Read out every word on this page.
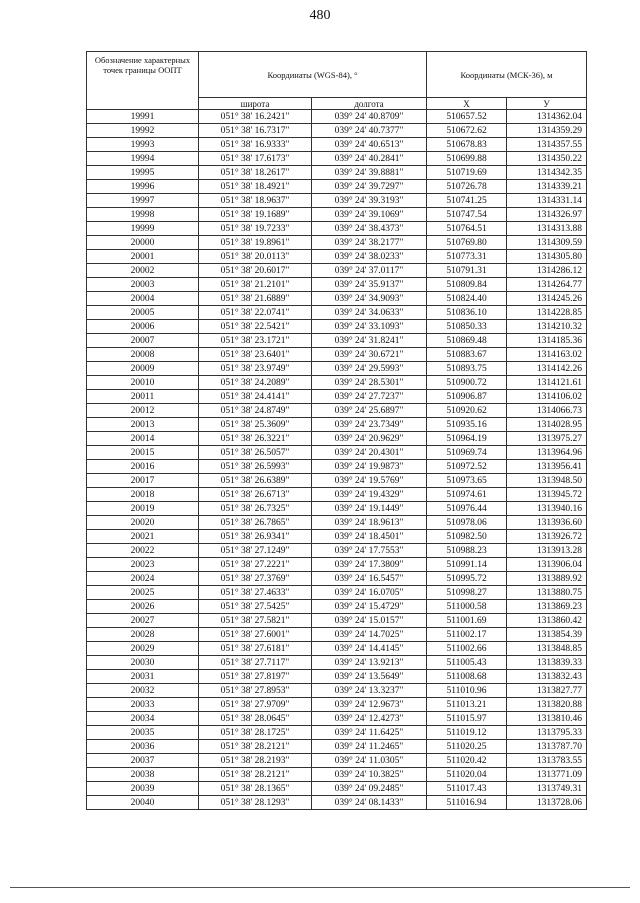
480
Обозначение характерных точек границы ООПТ	Координаты (WGS-84), °		Координаты (МСК-36), м	
	широта	долгота	X	У
19991	051° 38' 16.2421"	039° 24' 40.8709"	510657.52	1314362.04
19992	051° 38' 16.7317"	039° 24' 40.7377"	510672.62	1314359.29
19993	051° 38' 16.9333"	039° 24' 40.6513"	510678.83	1314357.55
19994	051° 38' 17.6173"	039° 24' 40.2841"	510699.88	1314350.22
19995	051° 38' 18.2617"	039° 24' 39.8881"	510719.69	1314342.35
19996	051° 38' 18.4921"	039° 24' 39.7297"	510726.78	1314339.21
19997	051° 38' 18.9637"	039° 24' 39.3193"	510741.25	1314331.14
19998	051° 38' 19.1689"	039° 24' 39.1069"	510747.54	1314326.97
19999	051° 38' 19.7233"	039° 24' 38.4373"	510764.51	1314313.88
20000	051° 38' 19.8961"	039° 24' 38.2177"	510769.80	1314309.59
20001	051° 38' 20.0113"	039° 24' 38.0233"	510773.31	1314305.80
20002	051° 38' 20.6017"	039° 24' 37.0117"	510791.31	1314286.12
20003	051° 38' 21.2101"	039° 24' 35.9137"	510809.84	1314264.77
20004	051° 38' 21.6889"	039° 24' 34.9093"	510824.40	1314245.26
20005	051° 38' 22.0741"	039° 24' 34.0633"	510836.10	1314228.85
20006	051° 38' 22.5421"	039° 24' 33.1093"	510850.33	1314210.32
20007	051° 38' 23.1721"	039° 24' 31.8241"	510869.48	1314185.36
20008	051° 38' 23.6401"	039° 24' 30.6721"	510883.67	1314163.02
20009	051° 38' 23.9749"	039° 24' 29.5993"	510893.75	1314142.26
20010	051° 38' 24.2089"	039° 24' 28.5301"	510900.72	1314121.61
20011	051° 38' 24.4141"	039° 24' 27.7237"	510906.87	1314106.02
20012	051° 38' 24.8749"	039° 24' 25.6897"	510920.62	1314066.73
20013	051° 38' 25.3609"	039° 24' 23.7349"	510935.16	1314028.95
20014	051° 38' 26.3221"	039° 24' 20.9629"	510964.19	1313975.27
20015	051° 38' 26.5057"	039° 24' 20.4301"	510969.74	1313964.96
20016	051° 38' 26.5993"	039° 24' 19.9873"	510972.52	1313956.41
20017	051° 38' 26.6389"	039° 24' 19.5769"	510973.65	1313948.50
20018	051° 38' 26.6713"	039° 24' 19.4329"	510974.61	1313945.72
20019	051° 38' 26.7325"	039° 24' 19.1449"	510976.44	1313940.16
20020	051° 38' 26.7865"	039° 24' 18.9613"	510978.06	1313936.60
20021	051° 38' 26.9341"	039° 24' 18.4501"	510982.50	1313926.72
20022	051° 38' 27.1249"	039° 24' 17.7553"	510988.23	1313913.28
20023	051° 38' 27.2221"	039° 24' 17.3809"	510991.14	1313906.04
20024	051° 38' 27.3769"	039° 24' 16.5457"	510995.72	1313889.92
20025	051° 38' 27.4633"	039° 24' 16.0705"	510998.27	1313880.75
20026	051° 38' 27.5425"	039° 24' 15.4729"	511000.58	1313869.23
20027	051° 38' 27.5821"	039° 24' 15.0157"	511001.69	1313860.42
20028	051° 38' 27.6001"	039° 24' 14.7025"	511002.17	1313854.39
20029	051° 38' 27.6181"	039° 24' 14.4145"	511002.66	1313848.85
20030	051° 38' 27.7117"	039° 24' 13.9213"	511005.43	1313839.33
20031	051° 38' 27.8197"	039° 24' 13.5649"	511008.68	1313832.43
20032	051° 38' 27.8953"	039° 24' 13.3237"	511010.96	1313827.77
20033	051° 38' 27.9709"	039° 24' 12.9673"	511013.21	1313820.88
20034	051° 38' 28.0645"	039° 24' 12.4273"	511015.97	1313810.46
20035	051° 38' 28.1725"	039° 24' 11.6425"	511019.12	1313795.33
20036	051° 38' 28.2121"	039° 24' 11.2465"	511020.25	1313787.70
20037	051° 38' 28.2193"	039° 24' 11.0305"	511020.42	1313783.55
20038	051° 38' 28.2121"	039° 24' 10.3825"	511020.04	1313771.09
20039	051° 38' 28.1365"	039° 24' 09.2485"	511017.43	1313749.31
20040	051° 38' 28.1293"	039° 24' 08.1433"	511016.94	1313728.06
